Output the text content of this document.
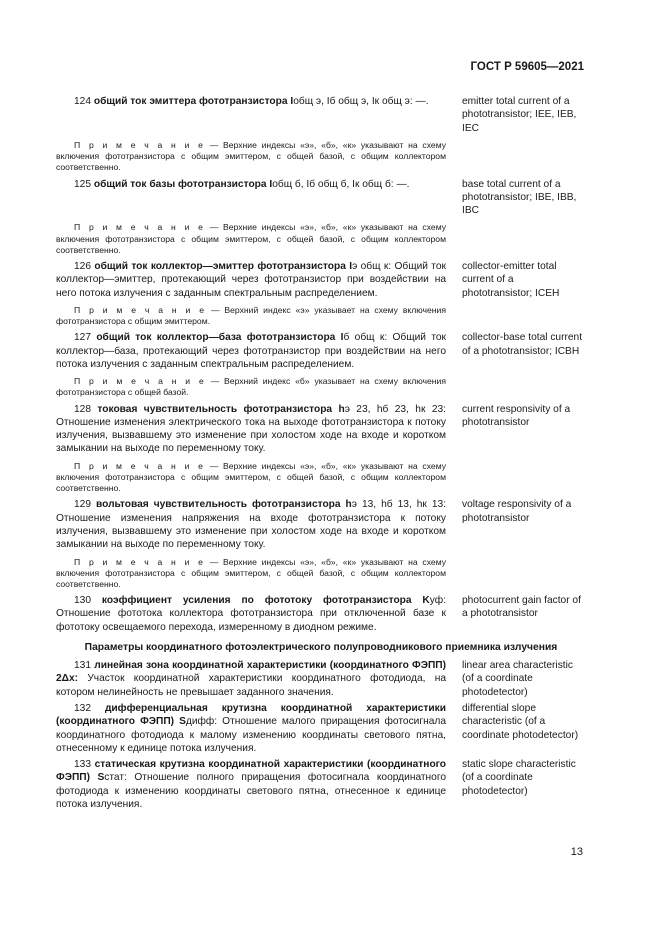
ГОСТ Р 59605—2021
124 общий ток эмиттера фототранзистора Iобщ э, Iб общ э, Iк общ э: —.	emitter total current of a phototransistor; IEE, IEB, IEC
П р и м е ч а н и е — Верхние индексы «э», «б», «к» указывают на схему включения фототранзистора с общим эмиттером, с общей базой, с общим коллектором соответственно.
125 общий ток базы фототранзистора Iобщ б, Iб общ б, Iк общ б: —.	base total current of a phototransistor; IBE, IBB, IBC
П р и м е ч а н и е — Верхние индексы «э», «б», «к» указывают на схему включения фототранзистора с общим эмиттером, с общей базой, с общим коллектором соответственно.
126 общий ток коллектор—эмиттер фототранзистора Iэ общ к: Общий ток коллектор—эмиттер, протекающий через фототранзистор при воздействии на него потока излучения с заданным спектральным распределением.
collector-emitter total current of a phototransistor; ICEH
П р и м е ч а н и е — Верхний индекс «э» указывает на схему включения фототранзистора с общим эмиттером.
127 общий ток коллектор—база фототранзистора Iб общ к: Общий ток коллектор—база, протекающий через фототранзистор при воздействии на него потока излучения с заданным спектральным распределением.
collector-base total current of a phototransistor; ICBH
П р и м е ч а н и е — Верхний индекс «б» указывает на схему включения фототранзистора с общей базой.
128 токовая чувствительность фототранзистора hэ 23, hб 23, hк 23: Отношение изменения электрического тока на выходе фототранзистора к потоку излучения, вызвавшему это изменение при холостом ходе на входе и коротком замыкании на выходе по переменному току.
current responsivity of a phototransistor
П р и м е ч а н и е — Верхние индексы «э», «б», «к» указывают на схему включения фототранзистора с общим эмиттером, с общей базой, с общим коллектором соответственно.
129 вольтовая чувствительность фототранзистора hэ 13, hб 13, hк 13: Отношение изменения напряжения на входе фототранзистора к потоку излучения, вызвавшему это изменение при холостом ходе на входе и коротком замыкании на выходе по переменному току.
voltage responsivity of a phototransistor
П р и м е ч а н и е — Верхние индексы «э», «б», «к» указывают на схему включения фототранзистора с общим эмиттером, с общей базой, с общим коллектором соответственно.
130 коэффициент усиления по фототоку фототранзистора Kуф: Отношение фототока коллектора фототранзистора при отключенной базе к фототоку освещаемого перехода, измеренному в диодном режиме.
photocurrent gain factor of a phototransistor
Параметры координатного фотоэлектрического полупроводникового приемника излучения
131 линейная зона координатной характеристики (координатного ФЭПП) 2Δx: Участок координатной характеристики координатного фотодиода, на котором нелинейность не превышает заданного значения.
linear area characteristic (of a coordinate photodetector)
132 дифференциальная крутизна координатной характеристики (координатного ФЭПП) Sдифф: Отношение малого приращения фотосигнала координатного фотодиода к малому изменению координаты светового пятна, отнесенному к единице потока излучения.
differential slope characteristic (of a coordinate photodetector)
133 статическая крутизна координатной характеристики (координатного ФЭПП) Sстат: Отношение полного приращения фотосигнала координатного фотодиода к изменению координаты светового пятна, отнесенное к единице потока излучения.
static slope characteristic (of a coordinate photodetector)
13
